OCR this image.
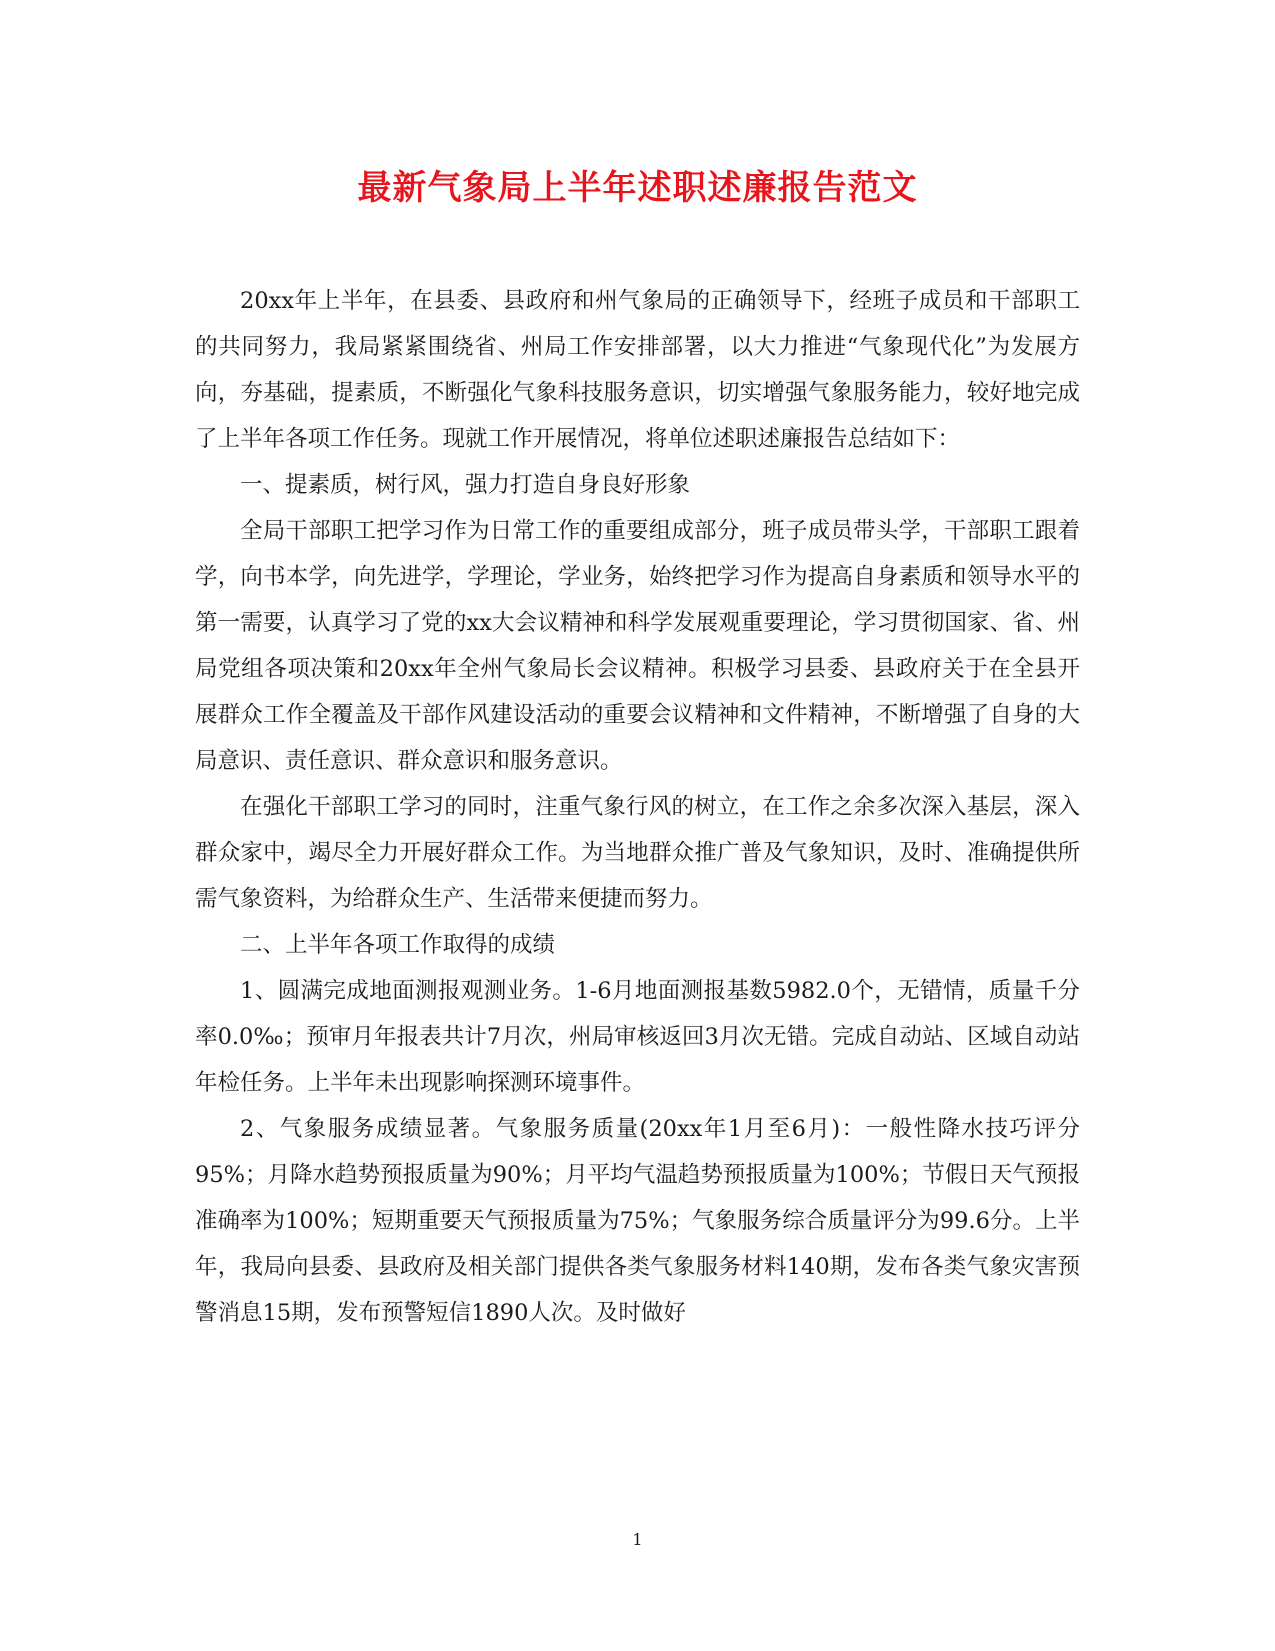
最新气象局上半年述职述廉报告范文

20xx年上半年，在县委、县政府和州气象局的正确领导下，经班子成员和干部职工的共同努力，我局紧紧围绕省、州局工作安排部署，以大力推进“气象现代化”为发展方向，夯基础，提素质，不断强化气象科技服务意识，切实增强气象服务能力，较好地完成了上半年各项工作任务。现就工作开展情况，将单位述职述廉报告总结如下：

一、提素质，树行风，强力打造自身良好形象

全局干部职工把学习作为日常工作的重要组成部分，班子成员带头学，干部职工跟着学，向书本学，向先进学，学理论，学业务，始终把学习作为提高自身素质和领导水平的第一需要，认真学习了党的xx大会议精神和科学发展观重要理论，学习贯彻国家、省、州局党组各项决策和20xx年全州气象局长会议精神。积极学习县委、县政府关于在全县开展群众工作全覆盖及干部作风建设活动的重要会议精神和文件精神，不断增强了自身的大局意识、责任意识、群众意识和服务意识。

在强化干部职工学习的同时，注重气象行风的树立，在工作之余多次深入基层，深入群众家中，竭尽全力开展好群众工作。为当地群众推广普及气象知识，及时、准确提供所需气象资料，为给群众生产、生活带来便捷而努力。

二、上半年各项工作取得的成绩

1、圆满完成地面测报观测业务。1-6月地面测报基数5982.0个，无错情，质量千分率0.0‰；预审月年报表共计7月次，州局审核返回3月次无错。完成自动站、区域自动站年检任务。上半年未出现影响探测环境事件。

2、气象服务成绩显著。气象服务质量(20xx年1月至6月)：一般性降水技巧评分95%；月降水趋势预报质量为90%；月平均气温趋势预报质量为100%；节假日天气预报准确率为100%；短期重要天气预报质量为75%；气象服务综合质量评分为99.6分。上半年，我局向县委、县政府及相关部门提供各类气象服务材料140期，发布各类气象灾害预警消息15期，发布预警短信1890人次。及时做好

1
